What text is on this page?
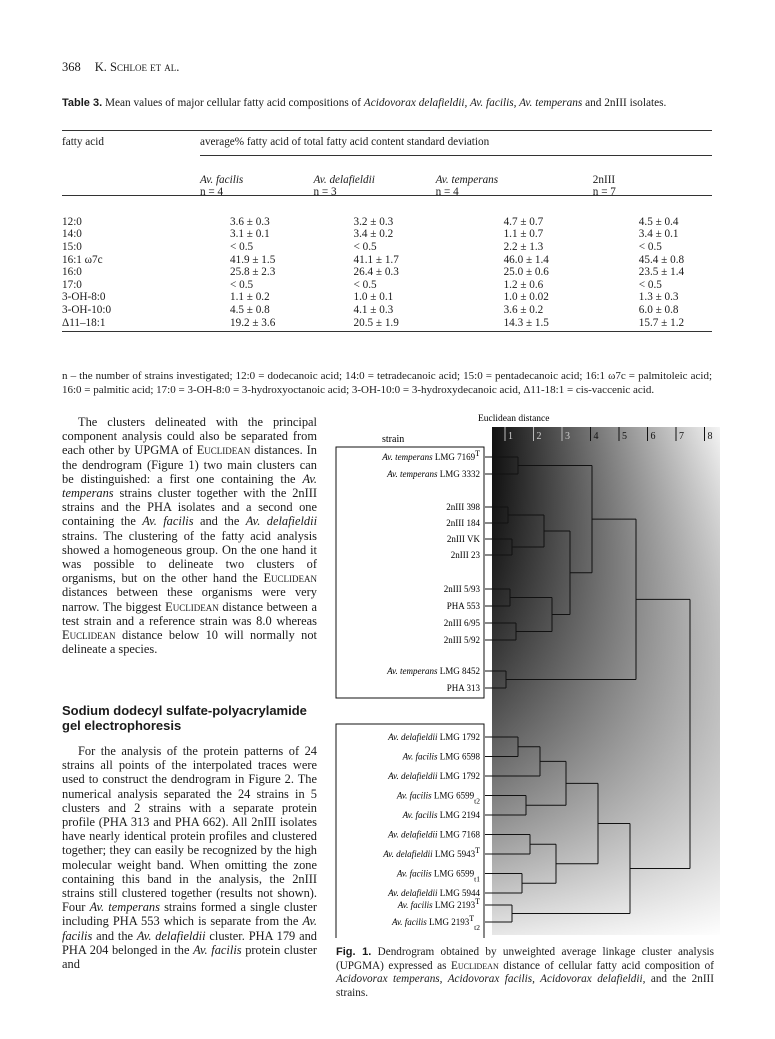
368 K. Schloe et al.
Table 3. Mean values of major cellular fatty acid compositions of Acidovorax delafieldii, Av. facilis, Av. temperans and 2nIII isolates.
fatty acid	average% fatty acid of total fatty acid content standard deviation			

	Av. facilis	Av. delafieldii	Av. temperans	2nIII
	n = 4	n = 3	n = 4	n = 7

12:0	3.6 ± 0.3	3.2 ± 0.3	4.7 ± 0.7	4.5 ± 0.4
14:0	3.1 ± 0.1	3.4 ± 0.2	1.1 ± 0.7	3.4 ± 0.1
15:0	< 0.5	< 0.5	2.2 ± 1.3	< 0.5
16:1 ω7c	41.9 ± 1.5	41.1 ± 1.7	46.0 ± 1.4	45.4 ± 0.8
16:0	25.8 ± 2.3	26.4 ± 0.3	25.0 ± 0.6	23.5 ± 1.4
17:0	< 0.5	< 0.5	1.2 ± 0.6	< 0.5
3-OH-8:0	1.1 ± 0.2	1.0 ± 0.1	1.0 ± 0.02	1.3 ± 0.3
3-OH-10:0	4.5 ± 0.8	4.1 ± 0.3	3.6 ± 0.2	6.0 ± 0.8
Δ11–18:1	19.2 ± 3.6	20.5 ± 1.9	14.3 ± 1.5	15.7 ± 1.2
n – the number of strains investigated; 12:0 = dodecanoic acid; 14:0 = tetradecanoic acid; 15:0 = pentadecanoic acid; 16:1 ω7c = palmitoleic acid; 16:0 = palmitic acid; 17:0 = 3-OH-8:0 = 3-hydroxyoctanoic acid; 3-OH-10:0 = 3-hydroxydecanoic acid, Δ11-18:1 = cis-vaccenic acid.
The clusters delineated with the principal component analysis could also be separated from each other by UPGMA of Euclidean distances. In the dendrogram (Figure 1) two main clusters can be distinguished: a first one containing the Av. temperans strains cluster together with the 2nIII strains and the PHA isolates and a second one containing the Av. facilis and the Av. delafieldii strains. The clustering of the fatty acid analysis showed a homogeneous group. On the one hand it was possible to delineate two clusters of organisms, but on the other hand the Euclidean distances between these organisms were very narrow. The biggest Euclidean distance between a test strain and a reference strain was 8.0 whereas Euclidean distance below 10 will normally not delineate a species.
Sodium dodecyl sulfate-polyacrylamide gel electrophoresis
For the analysis of the protein patterns of 24 strains all points of the interpolated traces were used to construct the dendrogram in Figure 2. The numerical analysis separated the 24 strains in 5 clusters and 2 strains with a separate protein profile (PHA 313 and PHA 662). All 2nIII isolates have nearly identical protein profiles and clustered together; they can easily be recognized by the high molecular weight band. When omitting the zone containing this band in the analysis, the 2nIII strains still clustered together (results not shown). Four Av. temperans strains formed a single cluster including PHA 553 which is separate from the Av. facilis and the Av. delafieldii cluster. PHA 179 and PHA 204 belonged in the Av. facilis protein cluster and
Euclidean distance
1 2 3 4 5 6 7 8
strain
Av. temperans LMG $7169^T$
Av. temperans LMG 3332
2nIII 398
2nIII 184
2nIII VK
2nIII 23
2nIII 5/93
PHA 553
2nIII 6/95
2nIII 5/92
Av. temperans LMG 8452
PHA 313
Av. delafieldii LMG 1792
Av. facilis LMG 6598
Av. delafieldii LMG 1792
Av. facilis LMG $6599_{t2}$
Av. facilis LMG 2194
Av. delafieldii LMG 7168
Av. delafieldii LMG $5943^T$
Av. facilis LMG $6599_{t1}$
Av. delafieldii LMG 5944
Av. facilis LMG $2193^T$
Av. facilis LMG $2193^T_{t2}$
Fig. 1. Dendrogram obtained by unweighted average linkage cluster analysis (UPGMA) expressed as Euclidean distance of cellular fatty acid composition of Acidovorax temperans, Acidovorax facilis, Acidovorax delafieldii, and the 2nIII strains.
